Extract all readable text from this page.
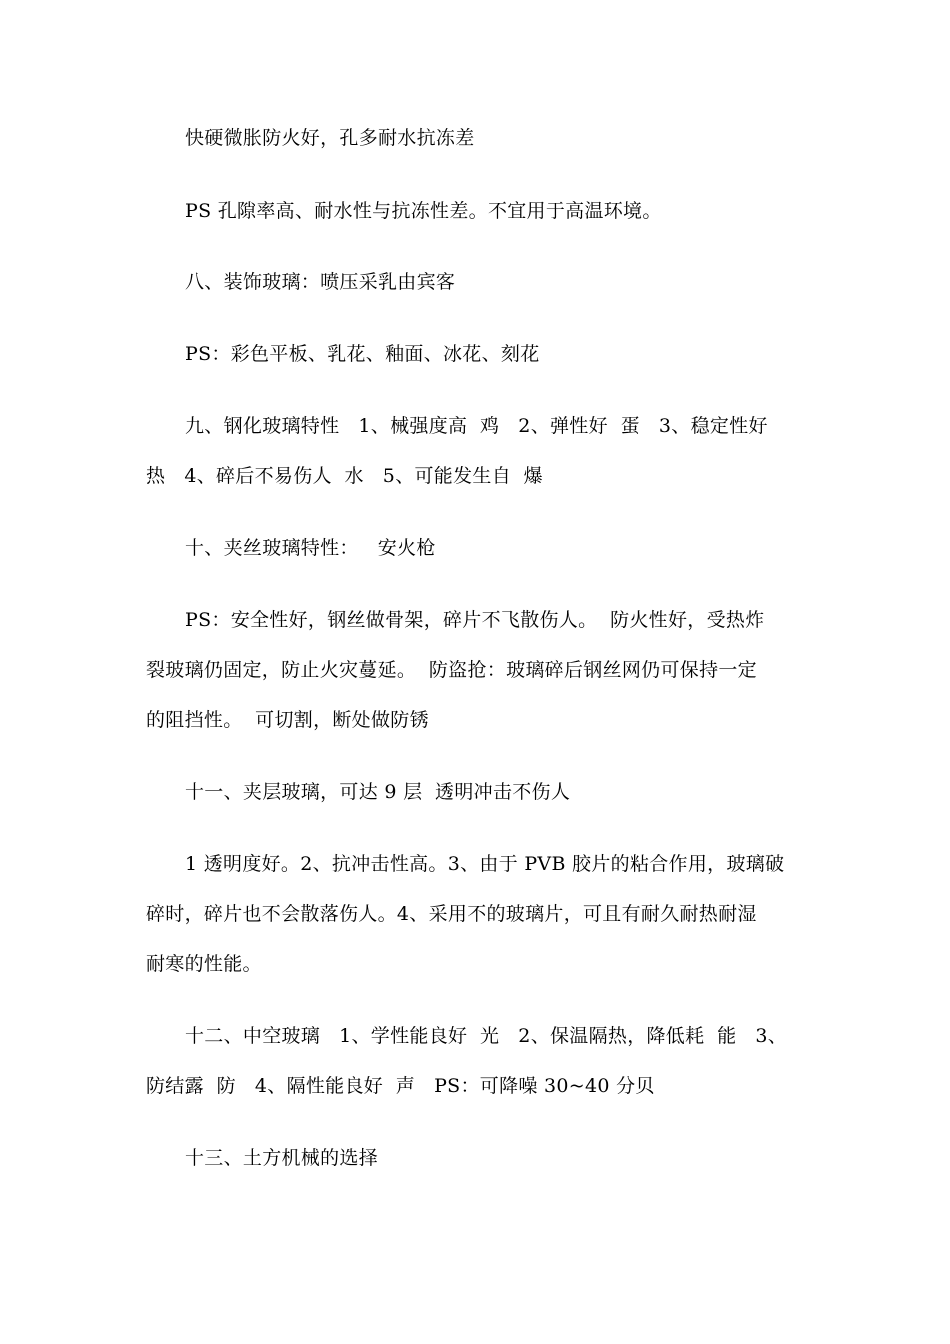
快硬微胀防火好，孔多耐水抗冻差
PS 孔隙率高、耐水性与抗冻性差。不宜用于高温环境。
八、装饰玻璃：喷压采乳由宾客
PS：彩色平板、乳花、釉面、冰花、刻花
九、钢化玻璃特性   1、械强度高  鸡   2、弹性好  蛋   3、稳定性好
热   4、碎后不易伤人  水   5、可能发生自  爆
十、夹丝玻璃特性：   安火枪
PS：安全性好，钢丝做骨架，碎片不飞散伤人。  防火性好，受热炸
裂玻璃仍固定，防止火灾蔓延。  防盗抢：玻璃碎后钢丝网仍可保持一定
的阻挡性。  可切割，断处做防锈
十一、夹层玻璃，可达 9 层  透明冲击不伤人
1 透明度好。2、抗冲击性高。3、由于 PVB 胶片的粘合作用，玻璃破
碎时，碎片也不会散落伤人。4、采用不的玻璃片，可且有耐久耐热耐湿
耐寒的性能。
十二、中空玻璃   1、学性能良好  光   2、保温隔热，降低耗  能   3、
防结露  防   4、隔性能良好  声   PS：可降噪 30~40 分贝
十三、土方机械的选择
